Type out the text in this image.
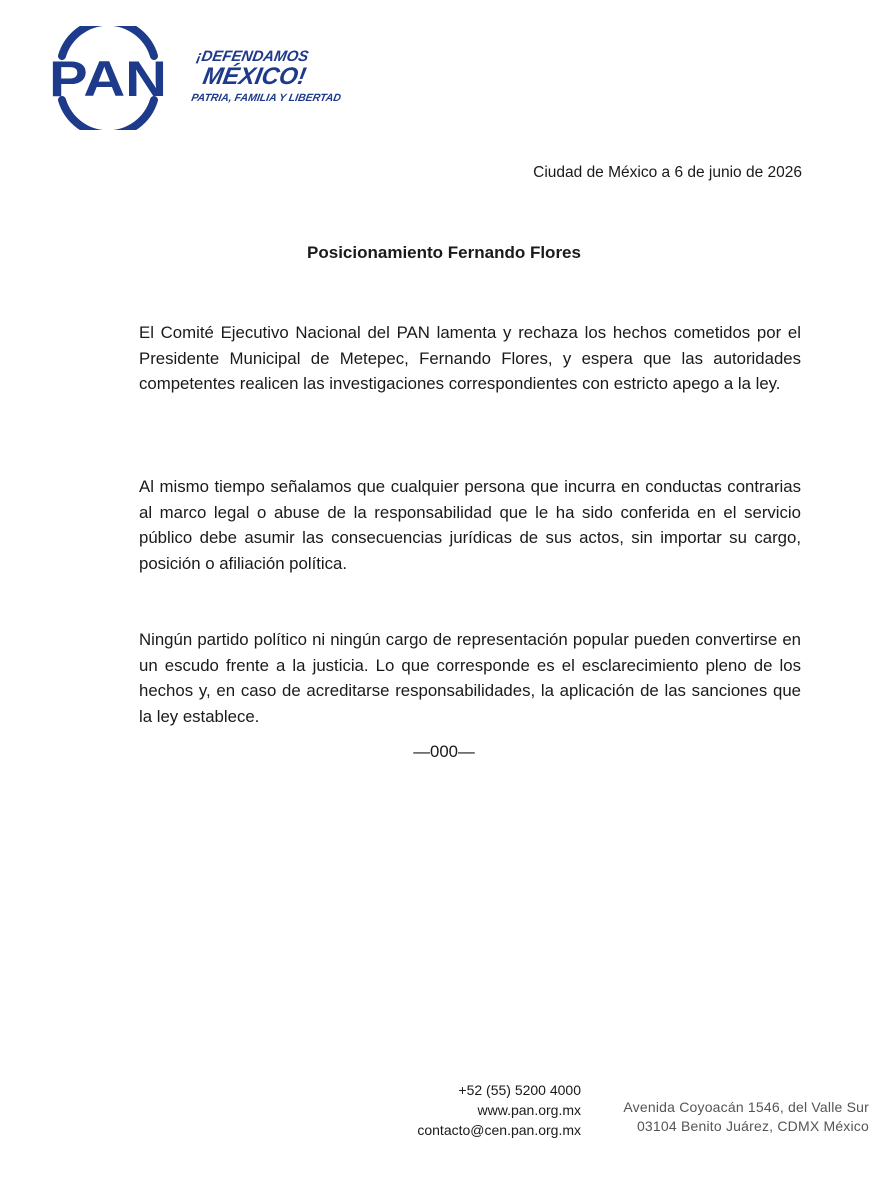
PAN ¡DEFENDAMOS
MÉXICO!
PATRIA, FAMILIA Y LIBERTAD
Ciudad de México a 6 de junio de 2026
Posicionamiento Fernando Flores

El Comité Ejecutivo Nacional del PAN lamenta y rechaza los hechos cometidos por el Presidente Municipal de Metepec, Fernando Flores, y espera que las autoridades competentes realicen las investigaciones correspondientes con estricto apego a la ley.

Al mismo tiempo señalamos que cualquier persona que incurra en conductas contrarias al marco legal o abuse de la responsabilidad que le ha sido conferida en el servicio público debe asumir las consecuencias jurídicas de sus actos, sin importar su cargo, posición o afiliación política.

Ningún partido político ni ningún cargo de representación popular pueden convertirse en un escudo frente a la justicia. Lo que corresponde es el esclarecimiento pleno de los hechos y, en caso de acreditarse responsabilidades, la aplicación de las sanciones que la ley establece.

—000—
+52 (55) 5200 4000
www.pan.org.mx
contacto@cen.pan.org.mx
Avenida Coyoacán 1546, del Valle Sur
03104 Benito Juárez, CDMX México
